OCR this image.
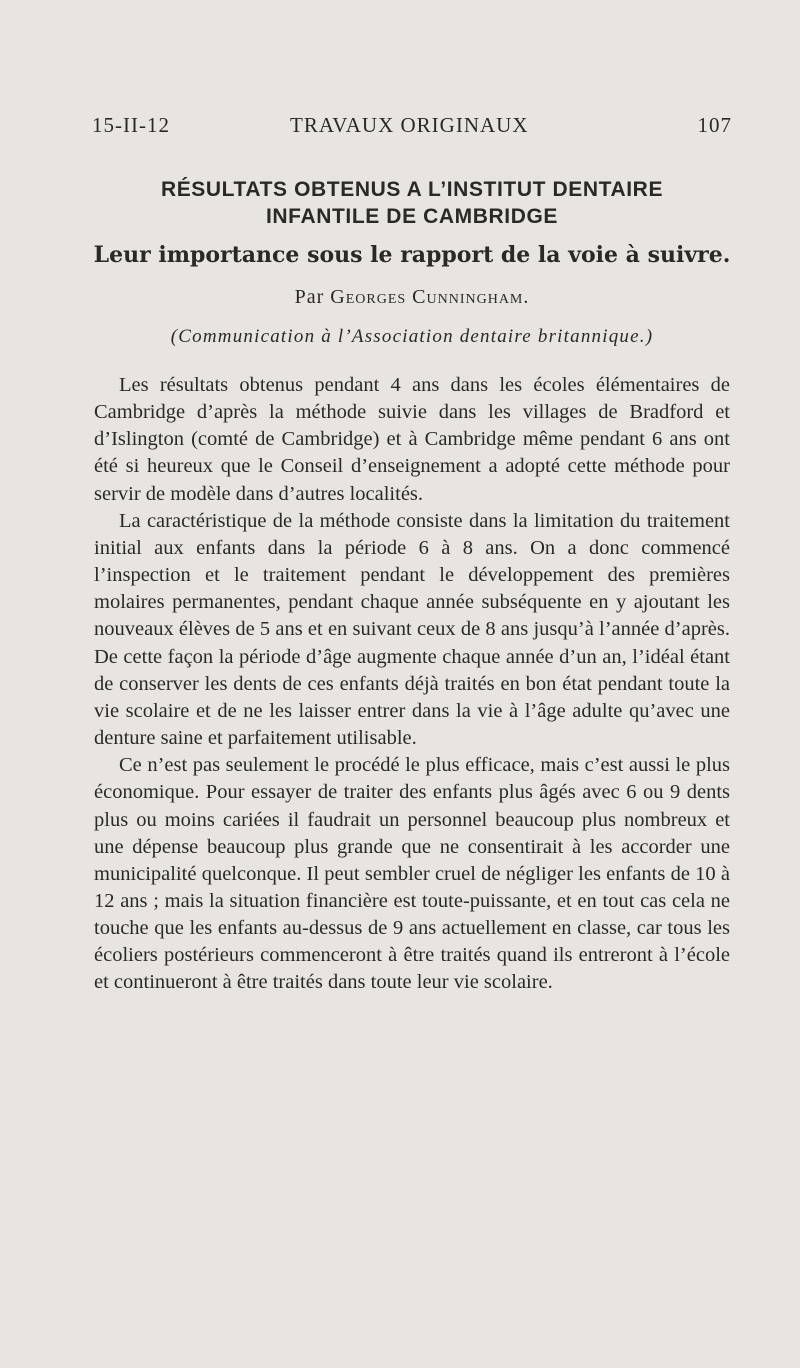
15-II-12	TRAVAUX ORIGINAUX	107
RÉSULTATS OBTENUS A L’INSTITUT DENTAIRE
INFANTILE DE CAMBRIDGE
Leur importance sous le rapport de la voie à suivre.
Par Georges Cunningham.
(Communication à l’Association dentaire britannique.)

Les résultats obtenus pendant 4 ans dans les écoles élémentaires de Cambridge d’après la méthode suivie dans les villages de Bradford et d’Islington (comté de Cambridge) et à Cambridge même pendant 6 ans ont été si heureux que le Conseil d’enseignement a adopté cette méthode pour servir de modèle dans d’autres localités.

La caractéristique de la méthode consiste dans la limitation du traitement initial aux enfants dans la période 6 à 8 ans. On a donc commencé l’inspection et le traitement pendant le développement des premières molaires permanentes, pendant chaque année subséquente en y ajoutant les nouveaux élèves de 5 ans et en suivant ceux de 8 ans jusqu’à l’année d’après. De cette façon la période d’âge augmente chaque année d’un an, l’idéal étant de conserver les dents de ces enfants déjà traités en bon état pendant toute la vie scolaire et de ne les laisser entrer dans la vie à l’âge adulte qu’avec une denture saine et parfaitement utilisable.

Ce n’est pas seulement le procédé le plus efficace, mais c’est aussi le plus économique. Pour essayer de traiter des enfants plus âgés avec 6 ou 9 dents plus ou moins cariées il faudrait un personnel beaucoup plus nombreux et une dépense beaucoup plus grande que ne consentirait à les accorder une municipalité quelconque. Il peut sembler cruel de négliger les enfants de 10 à 12 ans ; mais la situation financière est toute-puissante, et en tout cas cela ne touche que les enfants au-dessus de 9 ans actuellement en classe, car tous les écoliers postérieurs commenceront à être traités quand ils entreront à l’école et continueront à être traités dans toute leur vie scolaire.
